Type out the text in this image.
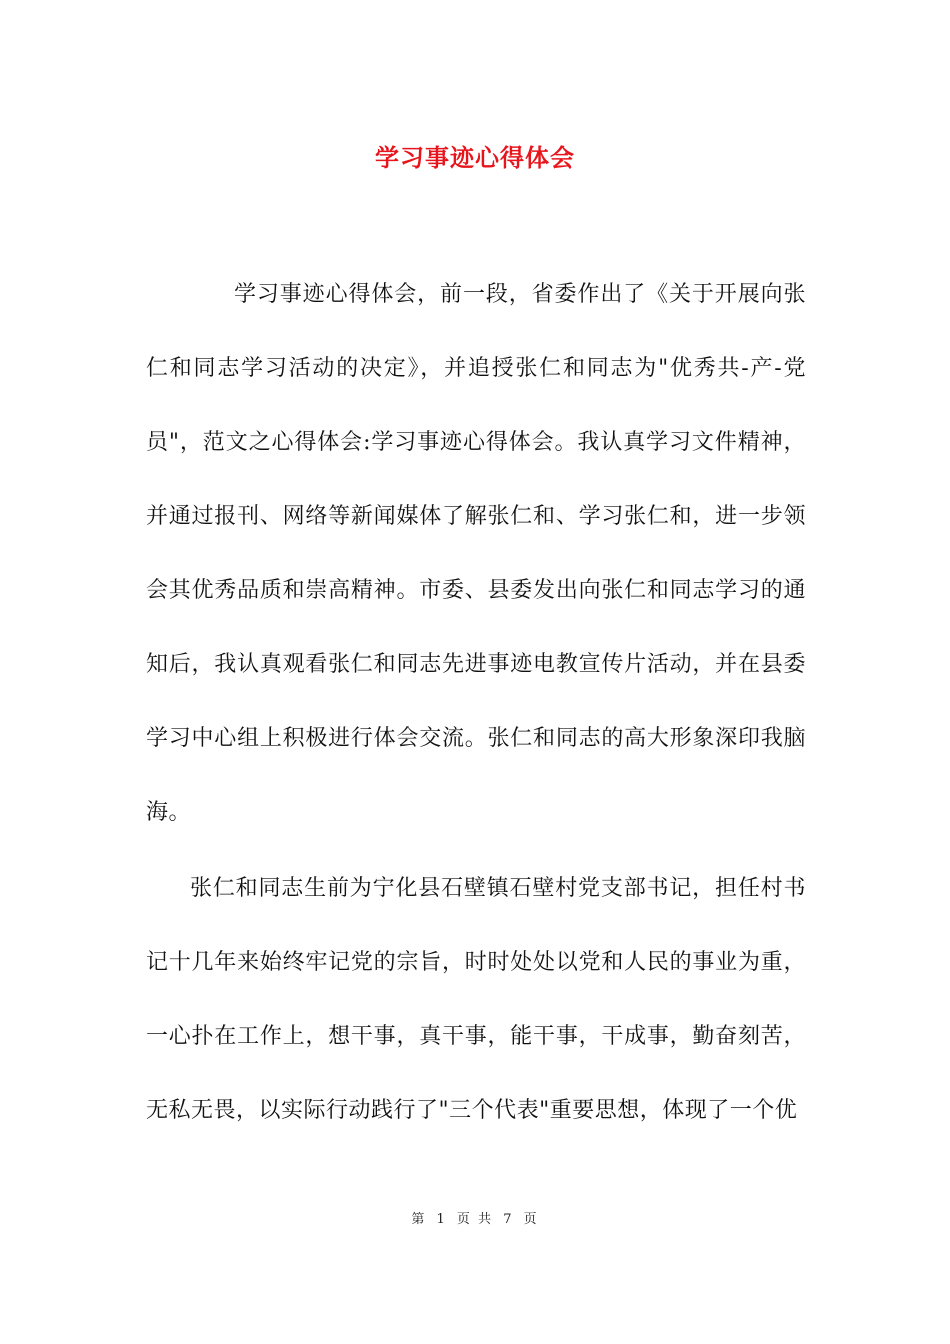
学习事迹心得体会

学习事迹心得体会，前一段，省委作出了《关于开展向张仁和同志学习活动的决定》，并追授张仁和同志为"优秀共-产-党员"，范文之心得体会:学习事迹心得体会。我认真学习文件精神，并通过报刊、网络等新闻媒体了解张仁和、学习张仁和，进一步领会其优秀品质和崇高精神。市委、县委发出向张仁和同志学习的通知后，我认真观看张仁和同志先进事迹电教宣传片活动，并在县委学习中心组上积极进行体会交流。张仁和同志的高大形象深印我脑海。

张仁和同志生前为宁化县石壁镇石壁村党支部书记，担任村书记十几年来始终牢记党的宗旨，时时处处以党和人民的事业为重，一心扑在工作上，想干事，真干事，能干事，干成事，勤奋刻苦，无私无畏，以实际行动践行了"三个代表"重要思想，体现了一个优

第 1 页 共 7 页
